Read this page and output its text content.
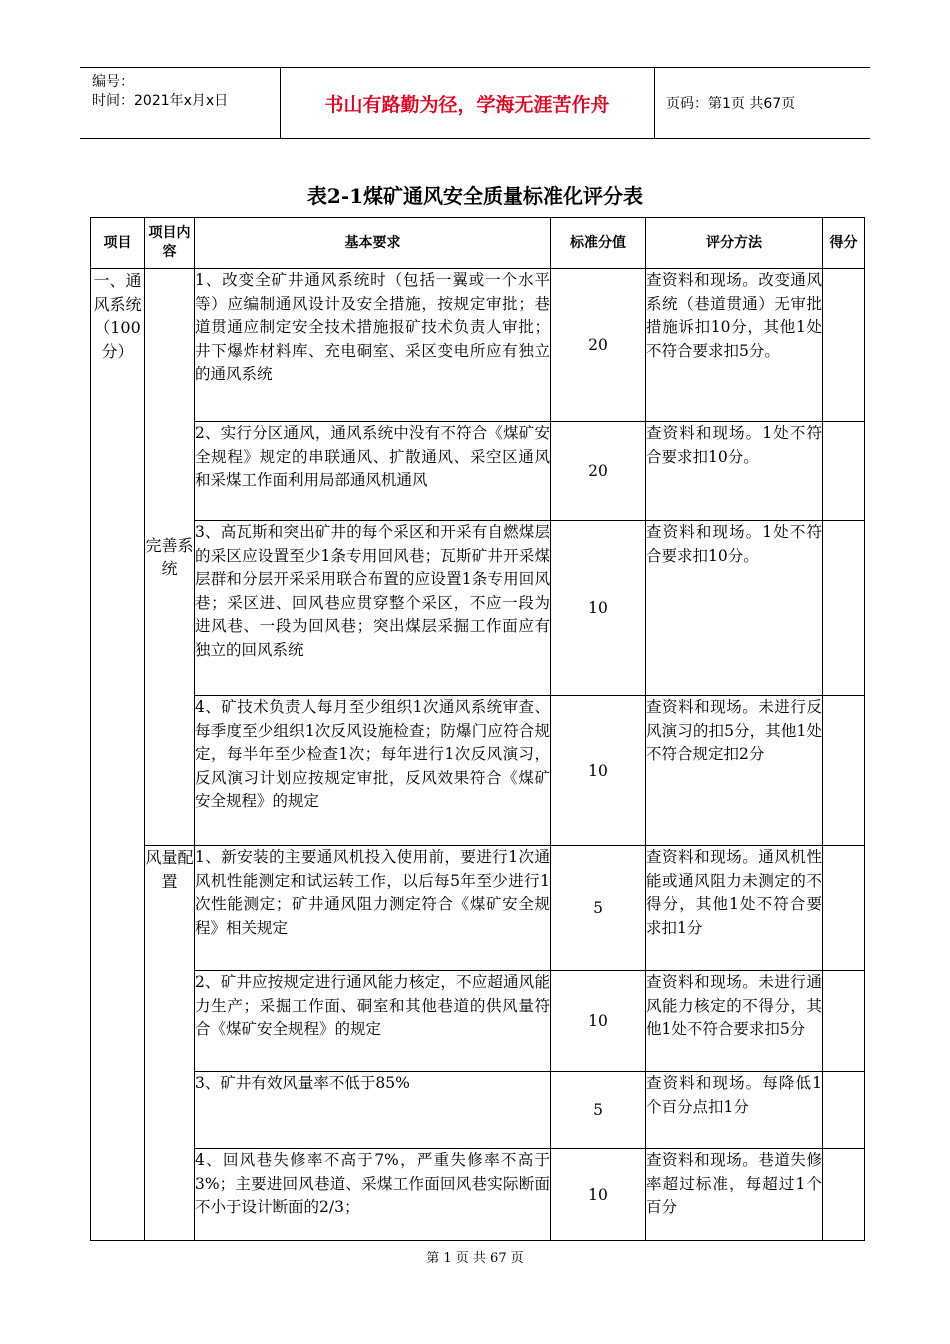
编号：
时间：2021年x月x日	书山有路勤为径，学海无涯苦作舟	页码：第1页 共67页
表2-1煤矿通风安全质量标准化评分表
项目	项目内容	基本要求	标准分值	评分方法	得分
一、通风系统（100分）	完善系统	1、改变全矿井通风系统时（包括一翼或一个水平等）应编制通风设计及安全措施，按规定审批；巷道贯通应制定安全技术措施报矿技术负责人审批；井下爆炸材料库、充电硐室、采区变电所应有独立的通风系统	20	查资料和现场。改变通风系统（巷道贯通）无审批措施诉扣10分，其他1处不符合要求扣5分。	
		2、实行分区通风，通风系统中没有不符合《煤矿安全规程》规定的串联通风、扩散通风、采空区通风和采煤工作面利用局部通风机通风	20	查资料和现场。1处不符合要求扣10分。	
		3、高瓦斯和突出矿井的每个采区和开采有自燃煤层的采区应设置至少1条专用回风巷；瓦斯矿井开采煤层群和分层开采采用联合布置的应设置1条专用回风巷；采区进、回风巷应贯穿整个采区，不应一段为进风巷、一段为回风巷；突出煤层采掘工作面应有独立的回风系统	10	查资料和现场。1处不符合要求扣10分。	
		4、矿技术负责人每月至少组织1次通风系统审查、每季度至少组织1次反风设施检查；防爆门应符合规定，每半年至少检查1次；每年进行1次反风演习，反风演习计划应按规定审批，反风效果符合《煤矿安全规程》的规定	10	查资料和现场。未进行反风演习的扣5分，其他1处不符合规定扣2分	
	风量配置	1、新安装的主要通风机投入使用前，要进行1次通风机性能测定和试运转工作，以后每5年至少进行1次性能测定；矿井通风阻力测定符合《煤矿安全规程》相关规定	5	查资料和现场。通风机性能或通风阻力未测定的不得分，其他1处不符合要求扣1分	
		2、矿井应按规定进行通风能力核定，不应超通风能力生产；采掘工作面、硐室和其他巷道的供风量符合《煤矿安全规程》的规定	10	查资料和现场。未进行通风能力核定的不得分，其他1处不符合要求扣5分	
		3、矿井有效风量率不低于85%	5	查资料和现场。每降低1个百分点扣1分	
		4、回风巷失修率不高于7%，严重失修率不高于3%；主要进回风巷道、采煤工作面回风巷实际断面不小于设计断面的2/3；	10	查资料和现场。巷道失修率超过标准，每超过1个百分	
第 1 页 共 67 页
